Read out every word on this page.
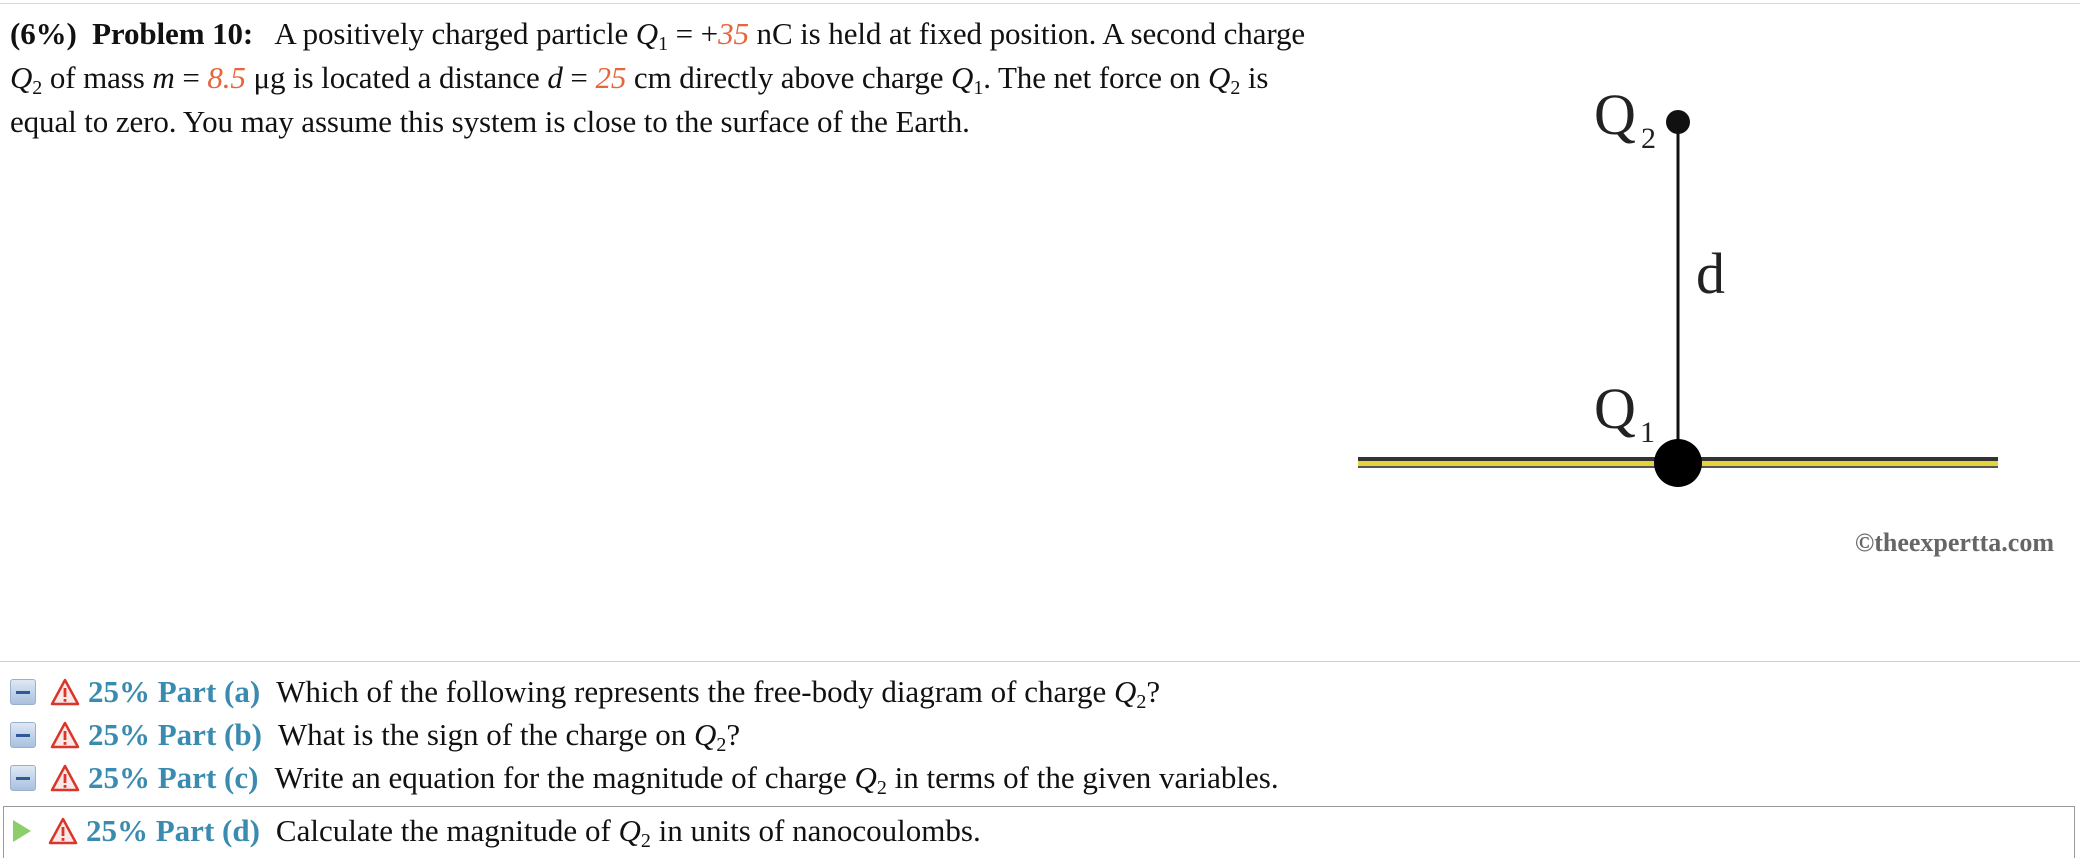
(6%) Problem 10: A positively charged particle $Q_1 = +35$ nC is held at fixed position. A second charge $Q_2$ of mass m = 8.5 μg is located a distance d = 25 cm directly above charge $Q_1$. The net force on $Q_2$ is equal to zero. You may assume this system is close to the surface of the Earth.	Q 2
d
Q 1
©theexpertta.com
25% Part (a) Which of the following represents the free-body diagram of charge $Q_2$?
25% Part (b) What is the sign of the charge on $Q_2$?
25% Part (c) Write an equation for the magnitude of charge $Q_2$ in terms of the given variables.
25% Part (d) Calculate the magnitude of $Q_2$ in units of nanocoulombs.
